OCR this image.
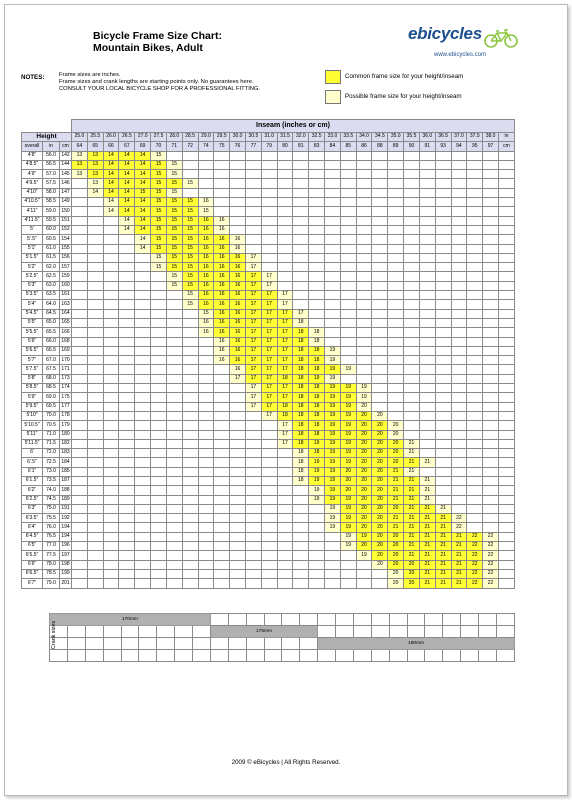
Bicycle Frame Size Chart:
Mountain Bikes, Adult
ebicycles
www.ebicycles.com
NOTES:	Frame sizes are inches.
Frame sizes and crank lengths are starting points only. No guarantees here.
CONSULT YOUR LOCAL BICYCLE SHOP FOR A PROFESSIONAL FITTING.
Common frame size for your height/inseam
Possible frame size for your height/inseam
			Inseam (inches or cm)																											
Height			25.0	25.5	26.0	26.5	27.0	27.5	28.0	28.5	29.0	29.5	30.0	30.5	31.0	31.5	32.0	32.5	33.0	33.5	34.0	34.5	35.0	35.5	36.0	36.5	37.0	37.5	38.0	in
overall	in	cm	64	65	66	67	69	70	71	72	74	75	76	77	79	80	81	83	84	85	86	88	89	90	91	93	94	95	97	cm
4'8"	56.0	142	13	13	14	14	14	15																						
4'8.5"	56.5	144	13	13	14	14	14	15	15																					
4'9"	57.0	145	13	13	14	14	14	15	15																					
4'9.5"	57.5	146		13	14	14	14	15	15	15																				
4'10"	58.0	147		14	14	14	15	15	15																					
4'10.5"	58.5	149			14	14	14	15	15	15	16																			
4'11"	59.0	150			14	14	14	15	15	15	15																			
4'11.5"	59.5	151				14	14	15	15	15	16	16																		
5'	60.0	152				14	14	15	15	15	16	16																		
5'.5"	60.5	154					14	15	15	15	16	16	16																	
5'1"	61.0	155					14	15	15	15	16	16	16																	
5'1.5"	61.5	156						15	15	15	16	16	16	17																
5'2"	62.0	157						15	15	15	16	16	16	17																
5'2.5"	62.5	159							15	15	16	16	16	17	17															
5'3"	63.0	160							15	15	16	16	16	17	17															
5'3.5"	63.5	161								15	16	16	16	17	17	17														
5'4"	64.0	163								15	16	16	16	17	17	17														
5'4.5"	64.5	164									15	16	16	17	17	17	17													
5'5"	65.0	165									16	16	16	17	17	17	18													
5'5.5"	65.5	166									16	16	16	17	17	17	18	18												
5'6"	66.0	168										16	16	17	17	17	18	18												
5'6.5"	66.5	169										16	16	17	17	17	18	18	19											
5'7"	67.0	170										16	16	17	17	17	18	18	19											
5'7.5"	67.5	171											16	17	17	17	18	18	19	19										
5'8"	68.0	173											17	17	17	18	18	19	19											
5'8.5"	68.5	174												17	17	17	18	18	19	19	19									
5'9"	69.0	175												17	17	17	18	18	19	19	19									
5'9.5"	69.5	177												17	17	18	18	18	19	19	20									
5'10"	70.0	178													17	18	18	18	19	19	20	20								
5'10.5"	70.5	179														17	18	18	19	19	20	20	20							
5'11"	71.0	180														17	18	18	19	19	20	20	20							
5'11.5"	71.5	182														17	18	19	19	19	20	20	20	21						
6'	72.0	183															18	18	19	19	20	20	20	21						
6'.5"	72.5	184															18	19	19	19	20	20	20	21	21					
6'1"	73.0	185															18	19	19	20	20	20	21	21						
6'1.5"	73.5	187															18	19	19	20	20	20	21	21	21					
6'2"	74.0	188																19	19	20	20	20	21	21	21					
6'2.5"	74.5	189																19	19	19	20	20	21	21	21					
6'3"	75.0	191																	19	19	20	20	20	21	21	21				
6'3.5"	75.5	192																	19	19	20	20	21	21	21	21	22			
6'4"	76.0	194																	19	19	20	20	21	21	21	21	22			
6'4.5"	76.5	194																		19	19	20	20	21	21	21	21	22	22	
6'5"	77.0	196																		19	20	20	20	21	21	21	21	22	22	
6'5.5"	77.5	197																			19	20	20	21	21	21	21	22	22	
6'6"	78.0	198																				20	20	20	21	21	21	22	22	
6'6.5"	78.5	199																					20	20	21	21	21	22	22	
6'7"	79.0	201																					20	20	21	21	21	22	22	
170mm																									
									175mm																
															180mm										

Crank sizes
2009 © eBicycles | All Rights Reserved.
